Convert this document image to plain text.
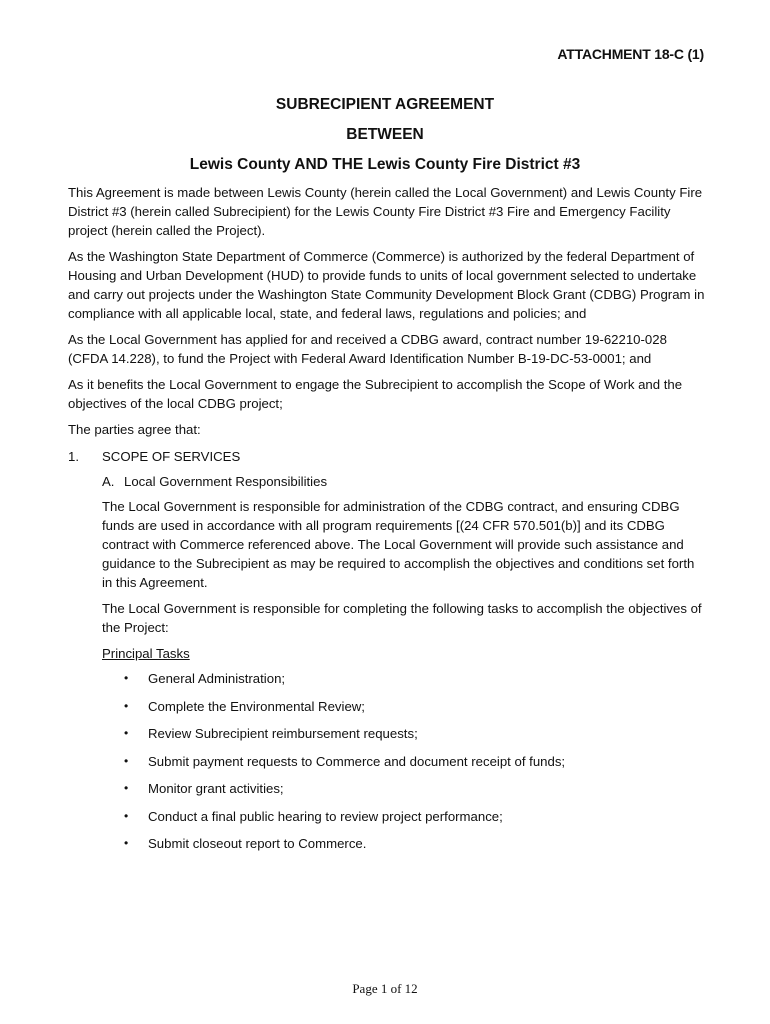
ATTACHMENT 18-C (1)
SUBRECIPIENT AGREEMENT
BETWEEN
Lewis County AND THE Lewis County Fire District #3

This Agreement is made between Lewis County (herein called the Local Government) and Lewis County Fire District #3 (herein called Subrecipient) for the Lewis County Fire District #3 Fire and Emergency Facility project (herein called the Project).

As the Washington State Department of Commerce (Commerce) is authorized by the federal Department of Housing and Urban Development (HUD) to provide funds to units of local government selected to undertake and carry out projects under the Washington State Community Development Block Grant (CDBG) Program in compliance with all applicable local, state, and federal laws, regulations and policies; and

As the Local Government has applied for and received a CDBG award, contract number 19-62210-028 (CFDA 14.228), to fund the Project with Federal Award Identification Number B-19-DC-53-0001; and

As it benefits the Local Government to engage the Subrecipient to accomplish the Scope of Work and the objectives of the local CDBG project;

The parties agree that:

1.	SCOPE OF SERVICES
A. Local Government Responsibilities

The Local Government is responsible for administration of the CDBG contract, and ensuring CDBG funds are used in accordance with all program requirements [(24 CFR 570.501(b)] and its CDBG contract with Commerce referenced above. The Local Government will provide such assistance and guidance to the Subrecipient as may be required to accomplish the objectives and conditions set forth in this Agreement.

The Local Government is responsible for completing the following tasks to accomplish the objectives of the Project:

Principal Tasks
•	General Administration;
•	Complete the Environmental Review;
•	Review Subrecipient reimbursement requests;
•	Submit payment requests to Commerce and document receipt of funds;
•	Monitor grant activities;
•	Conduct a final public hearing to review project performance;
•	Submit closeout report to Commerce.
Page 1 of 12
